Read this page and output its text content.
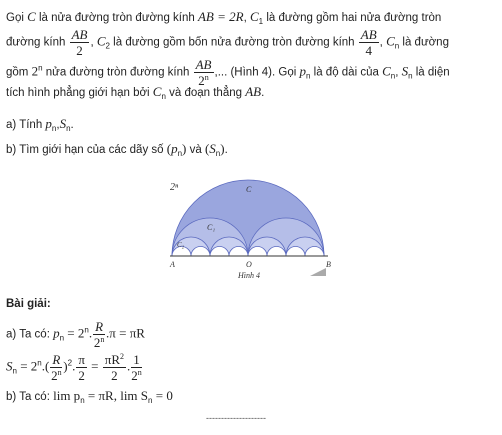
Gọi C là nửa đường tròn đường kính AB = 2R, $C_1$ là đường gồm hai nửa đường tròn
đường kính $\frac{AB}{2}$ , $C_2$ là đường gồm bốn nửa đường tròn đường kính $\frac{AB}{4}$ , $C_n$ là đường
gồm 2$^n$ nửa đường tròn đường kính $\frac{AB}{2^n}$ ,... (Hình 4). Gọi $p_n$ là độ dài của $C_n$, $S_n$ là diện
tích hình phẳng giới hạn bởi $C_n$ và đoạn thẳng AB.
a) Tính $p_n,S_n$.
b) Tìm giới hạn của các dãy số $(p_n)$ và $(S_n)$.
2ⁿ	C
C₁
C₂
A	O	B
Hình 4
Bài giải:
a) Ta có: $p_n = 2^n$. $\frac{R}{2^n} .\pi = \pi R$
$S_n = 2^n.( \frac{R}{2^n} )^2$. $\frac{\pi}{2} = \frac{\pi R^2}{2}$ . $\frac{1}{2^n}$
b) Ta có: $\lim p_n = \pi R$, $\lim S_n = 0$
--------------------
